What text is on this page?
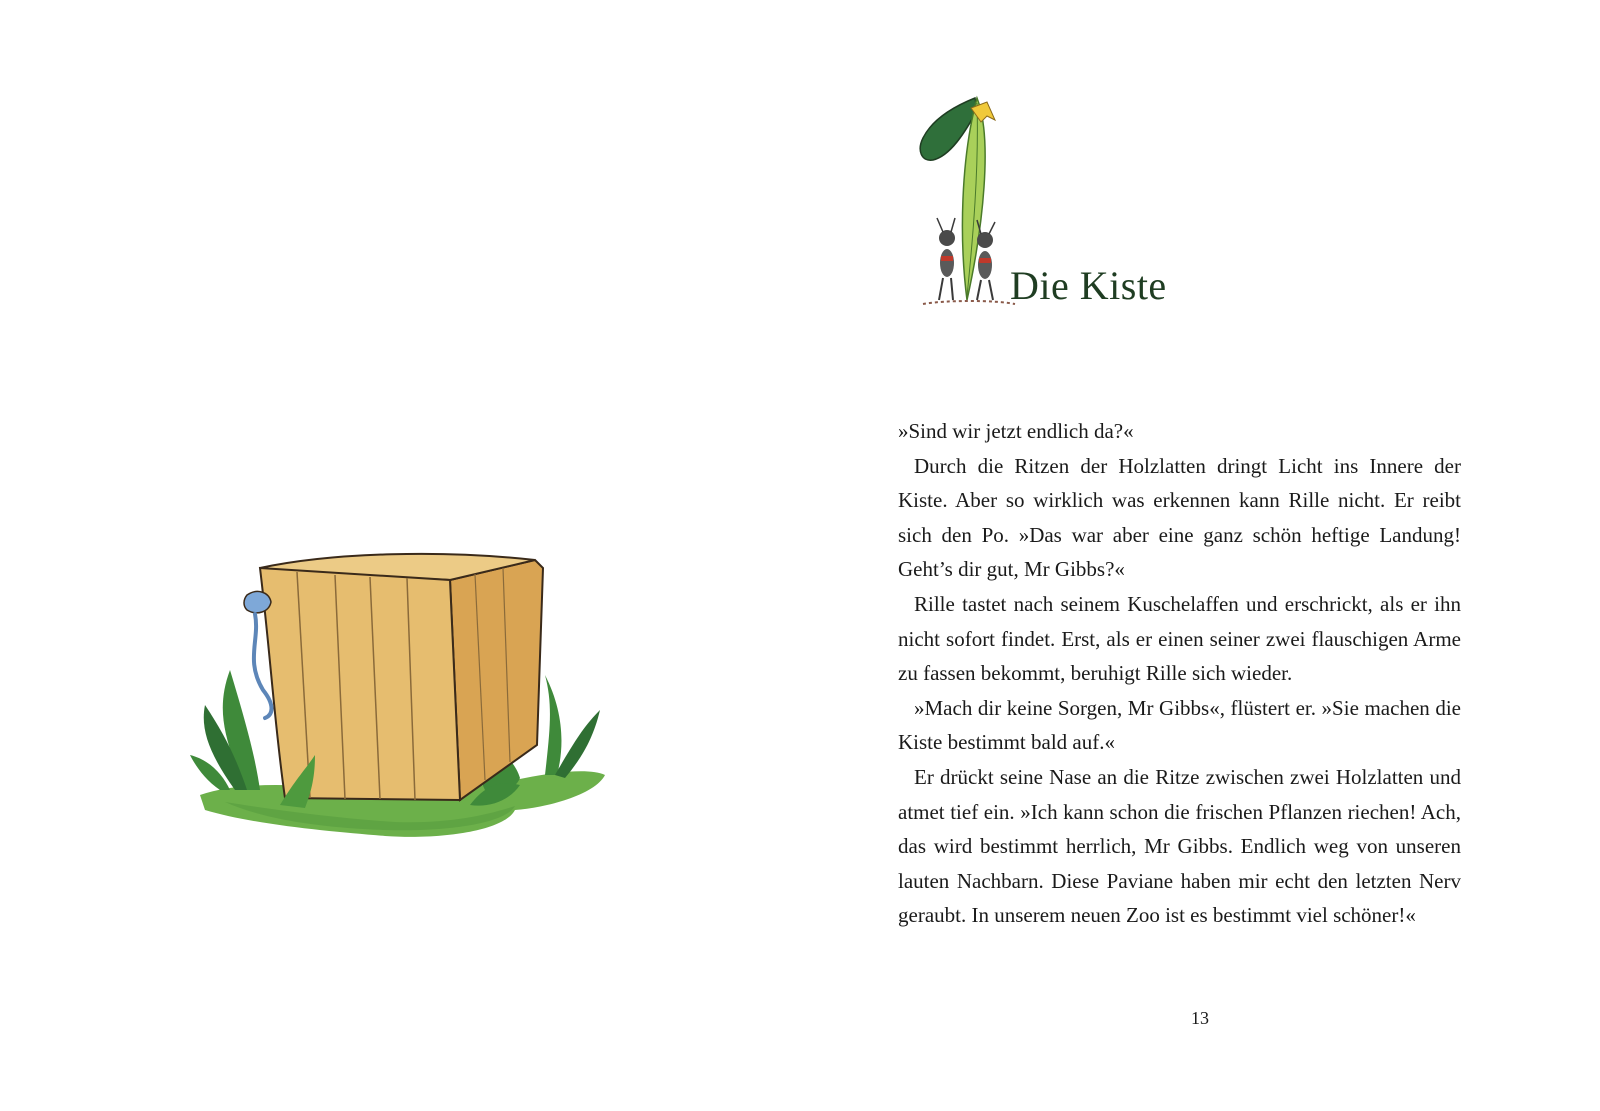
Die Kiste

»Sind wir jetzt endlich da?«

Durch die Ritzen der Holzlatten dringt Licht ins Innere der Kiste. Aber so wirklich was erkennen kann Rille nicht. Er reibt sich den Po. »Das war aber eine ganz schön heftige Landung! Geht’s dir gut, Mr Gibbs?«

Rille tastet nach seinem Kuschelaffen und erschrickt, als er ihn nicht sofort findet. Erst, als er einen seiner zwei flauschigen Arme zu fassen bekommt, beruhigt Rille sich wieder.

»Mach dir keine Sorgen, Mr Gibbs«, flüstert er. »Sie machen die Kiste bestimmt bald auf.«

Er drückt seine Nase an die Ritze zwischen zwei Holzlatten und atmet tief ein. »Ich kann schon die frischen Pflanzen riechen! Ach, das wird bestimmt herrlich, Mr Gibbs. Endlich weg von unseren lauten Nachbarn. Diese Paviane haben mir echt den letzten Nerv geraubt. In unserem neuen Zoo ist es bestimmt viel schöner!«

13
